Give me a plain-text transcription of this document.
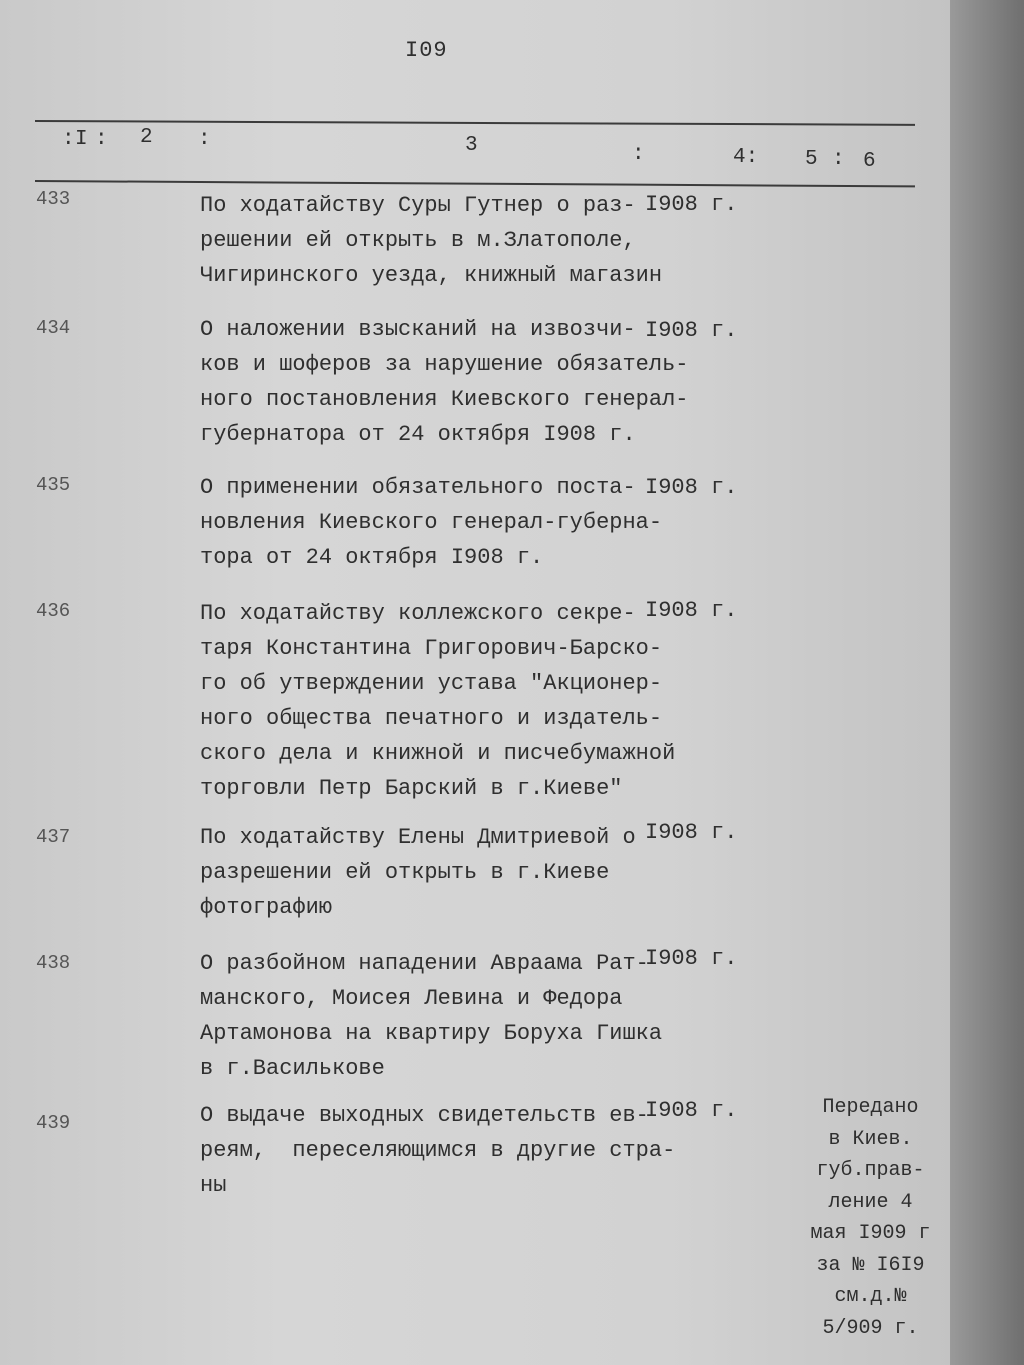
I09
: I : 2 :	3	:	4: 5 : 6
433	По ходатайству Суры Гутнер о раз-
решении ей открыть в м.Златополе,
Чигиринского уезда, книжный магазин
I908 г.
434	О наложении взысканий на извозчи-
ков и шоферов за нарушение обязатель-
ного постановления Киевского генерал-
губернатора от 24 октября I908 г.
I908 г.
435	О применении обязательного поста-
новления Киевского генерал-губерна-
тора от 24 октября I908 г.
I908 г.
436	По ходатайству коллежского секре-
таря Константина Григорович-Барско-
го об утверждении устава "Акционер-
ного общества печатного и издатель-
ского дела и книжной и писчебумажной
торговли Петр Барский в г.Киеве"
I908 г.
437	По ходатайству Елены Дмитриевой о
разрешении ей открыть в г.Киеве
фотографию
I908 г.
438	О разбойном нападении Авраама Рат-
манского, Моисея Левина и Федора
Артамонова на квартиру Боруха Гишка
в г.Василькове
I908 г.
439	О выдаче выходных свидетельств ев-
реям,  переселяющимся в другие стра-
ны
I908 г.	Передано
в Киев.
губ.прав-
ление 4
мая I909 г
за № I6I9
см.д.№
5/909 г.
